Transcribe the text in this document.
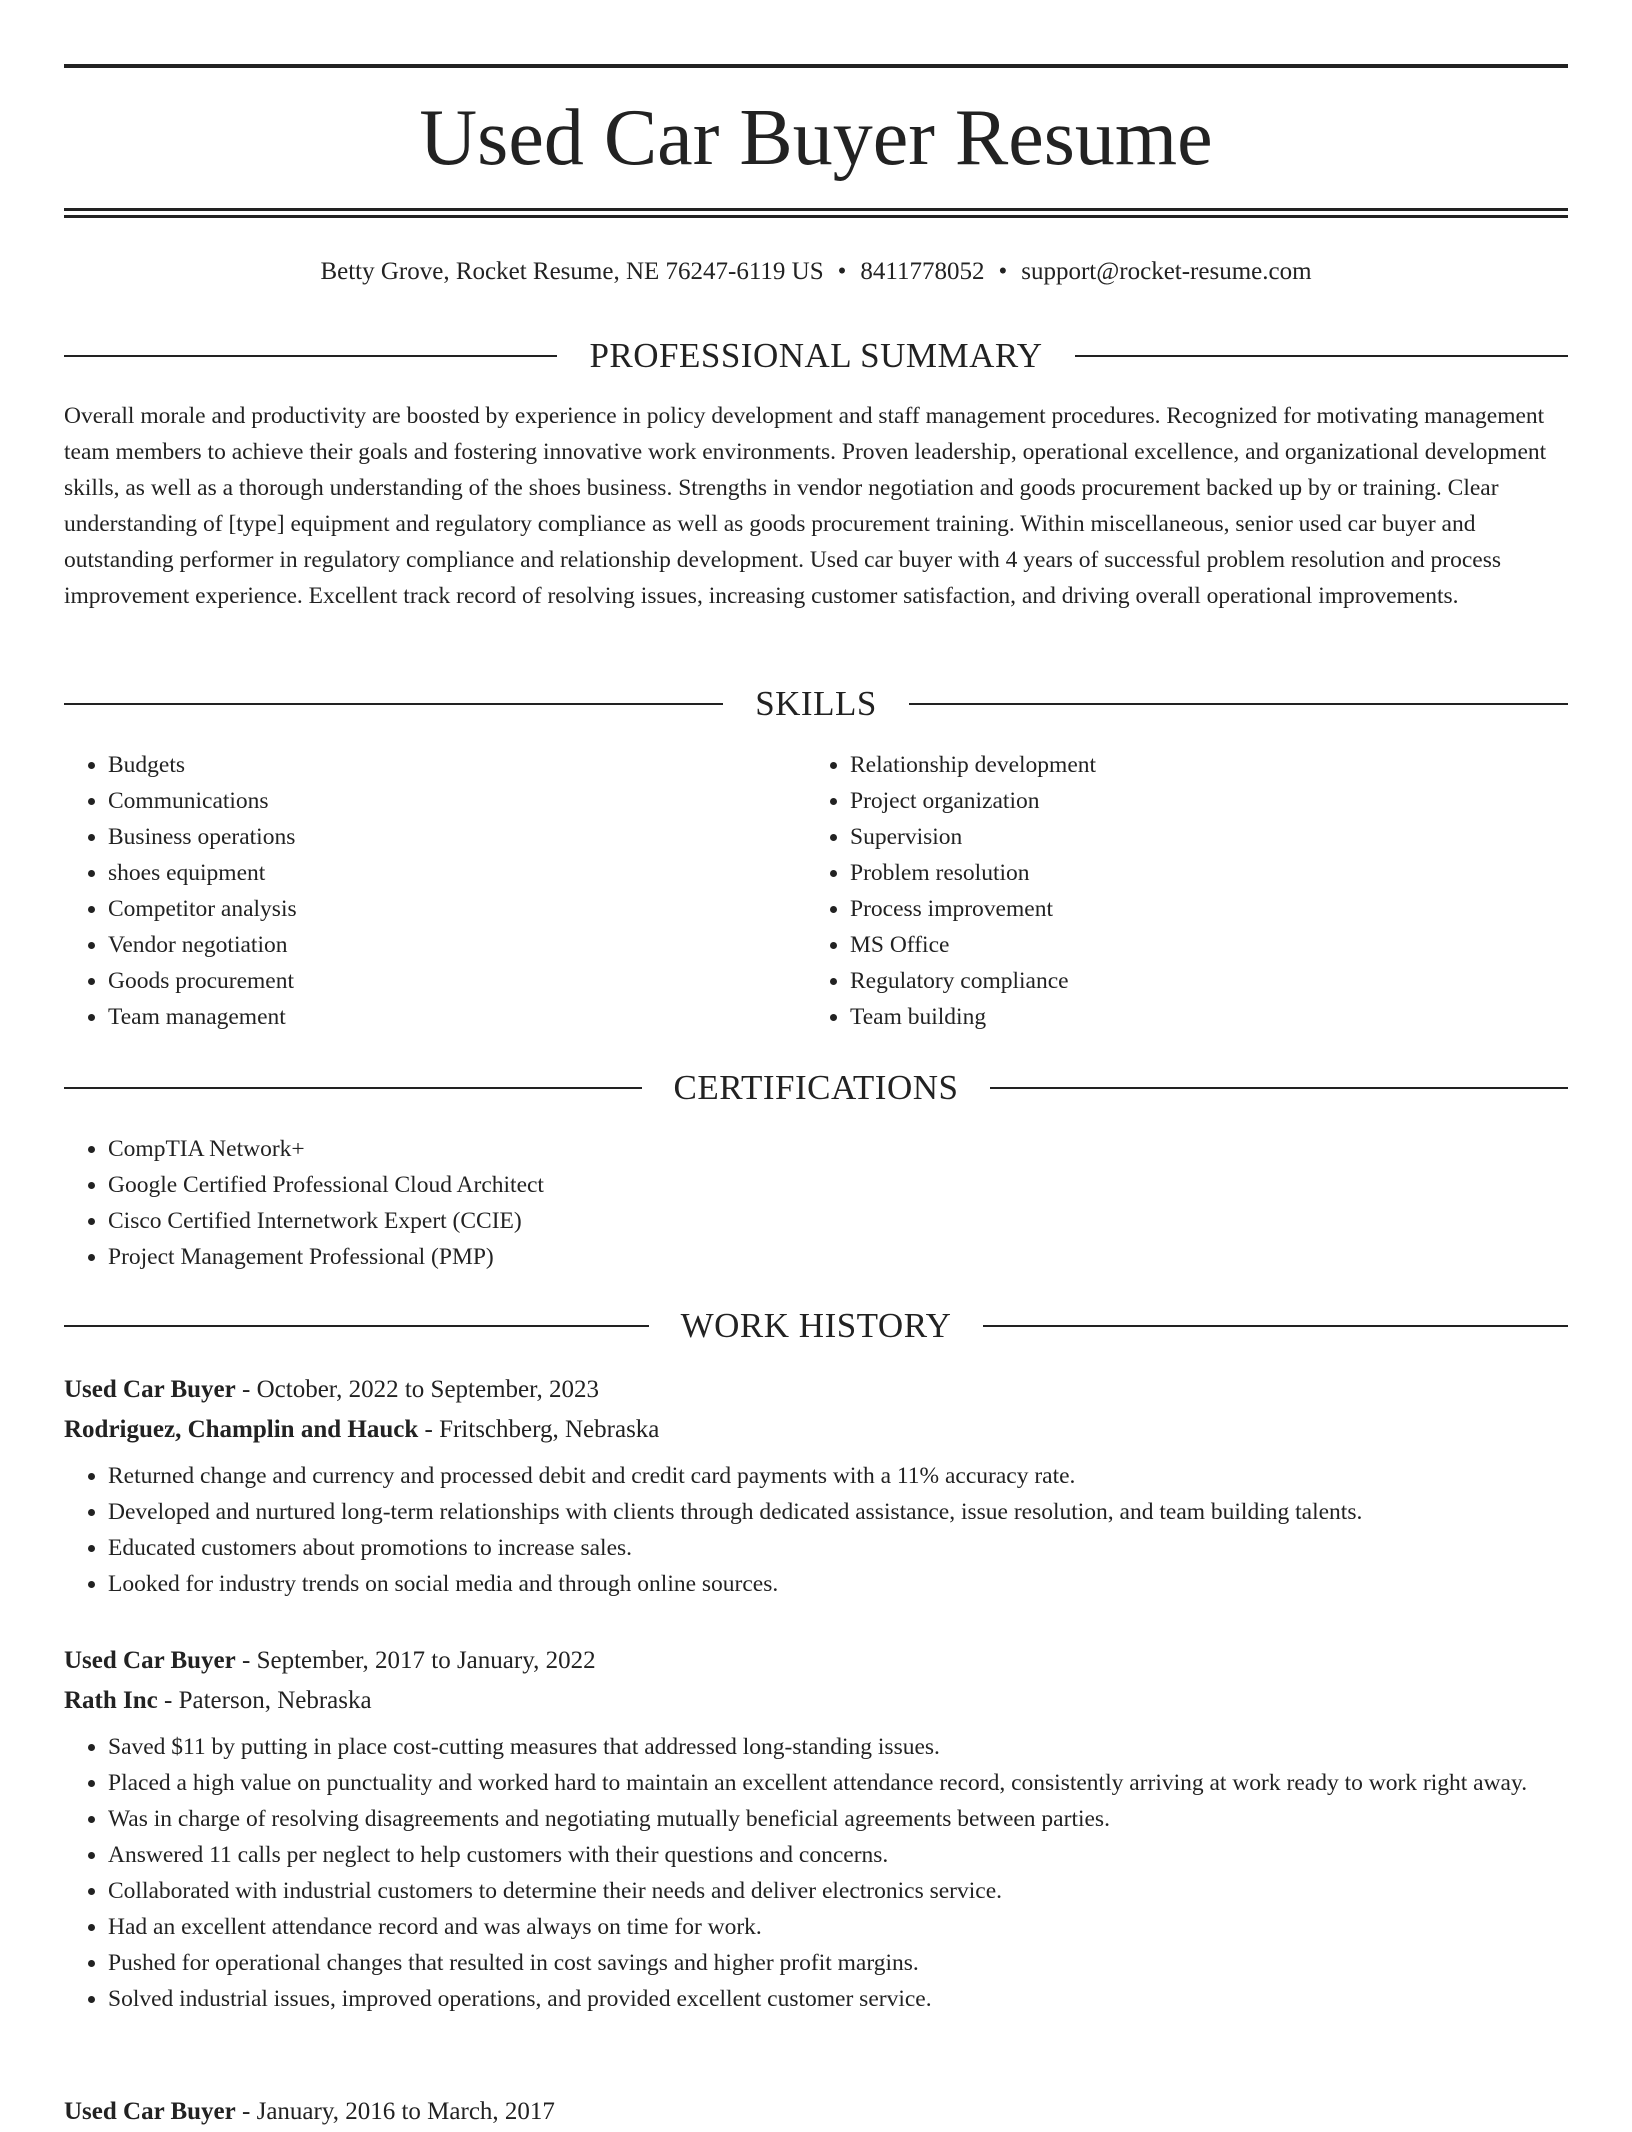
Used Car Buyer Resume
Betty Grove, Rocket Resume, NE 76247-6119 US • 8411778052 • support@rocket-resume.com
PROFESSIONAL SUMMARY
Overall morale and productivity are boosted by experience in policy development and staff management procedures. Recognized for motivating management team members to achieve their goals and fostering innovative work environments. Proven leadership, operational excellence, and organizational development skills, as well as a thorough understanding of the shoes business. Strengths in vendor negotiation and goods procurement backed up by or training. Clear understanding of [type] equipment and regulatory compliance as well as goods procurement training. Within miscellaneous, senior used car buyer and outstanding performer in regulatory compliance and relationship development. Used car buyer with 4 years of successful problem resolution and process improvement experience. Excellent track record of resolving issues, increasing customer satisfaction, and driving overall operational improvements.
SKILLS
• Budgets
• Communications
• Business operations
• shoes equipment
• Competitor analysis
• Vendor negotiation
• Goods procurement
• Team management
• Relationship development
• Project organization
• Supervision
• Problem resolution
• Process improvement
• MS Office
• Regulatory compliance
• Team building
CERTIFICATIONS
• CompTIA Network+
• Google Certified Professional Cloud Architect
• Cisco Certified Internetwork Expert (CCIE)
• Project Management Professional (PMP)
WORK HISTORY
Used Car Buyer - October, 2022 to September, 2023
Rodriguez, Champlin and Hauck - Fritschberg, Nebraska
• Returned change and currency and processed debit and credit card payments with a 11% accuracy rate.
• Developed and nurtured long-term relationships with clients through dedicated assistance, issue resolution, and team building talents.
• Educated customers about promotions to increase sales.
• Looked for industry trends on social media and through online sources.
Used Car Buyer - September, 2017 to January, 2022
Rath Inc - Paterson, Nebraska
• Saved $11 by putting in place cost-cutting measures that addressed long-standing issues.
• Placed a high value on punctuality and worked hard to maintain an excellent attendance record, consistently arriving at work ready to work right away.
• Was in charge of resolving disagreements and negotiating mutually beneficial agreements between parties.
• Answered 11 calls per neglect to help customers with their questions and concerns.
• Collaborated with industrial customers to determine their needs and deliver electronics service.
• Had an excellent attendance record and was always on time for work.
• Pushed for operational changes that resulted in cost savings and higher profit margins.
• Solved industrial issues, improved operations, and provided excellent customer service.
Used Car Buyer - January, 2016 to March, 2017
